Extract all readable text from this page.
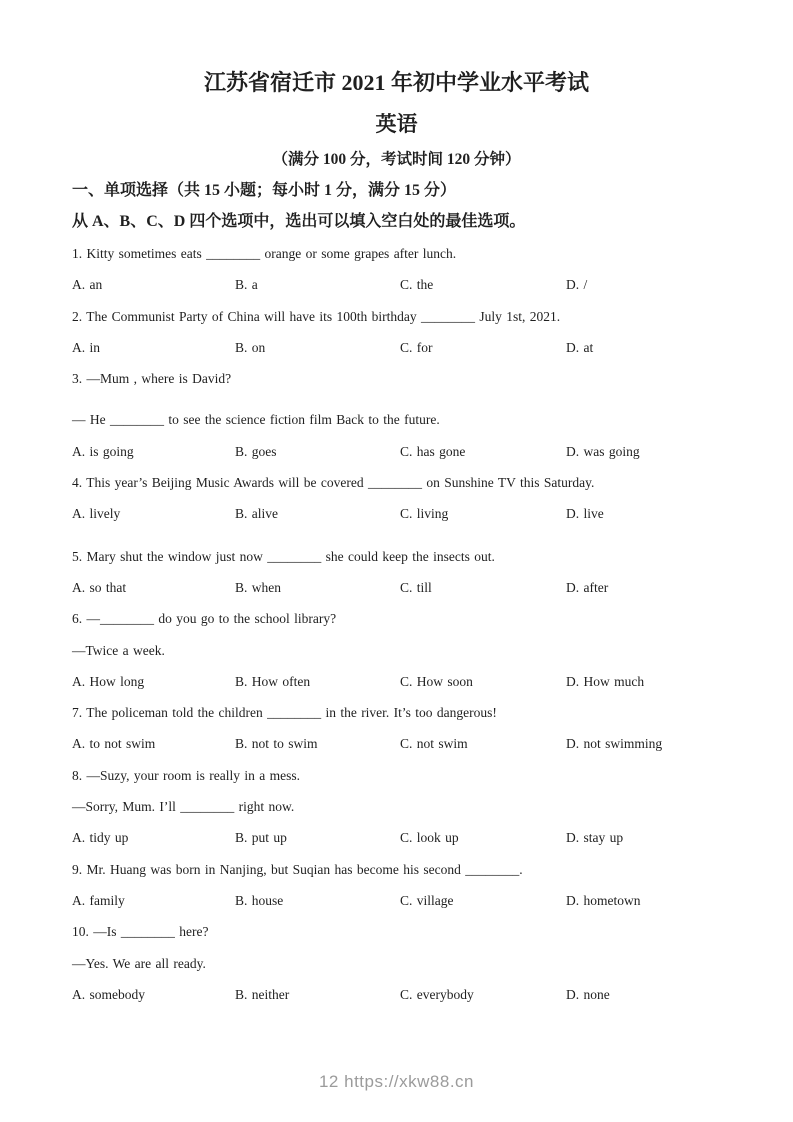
江苏省宿迁市 2021 年初中学业水平考试
英语
（满分 100 分，考试时间 120 分钟）
一、单项选择（共 15 小题；每小时 1 分，满分 15 分）
从 A、B、C、D 四个选项中，选出可以填入空白处的最佳选项。
1. Kitty sometimes eats ________ orange or some grapes after lunch.
A. an	B. a	C. the	D. /
2. The Communist Party of China will have its 100th birthday ________ July 1st, 2021.
A. in	B. on	C. for	D. at
3. —Mum , where is David?
— He ________ to see the science fiction film Back to the future.
A. is going	B. goes	C. has gone	D. was going
4. This year’s Beijing Music Awards will be covered ________ on Sunshine TV this Saturday.
A. lively	B. alive	C. living	D. live
5. Mary shut the window just now ________ she could keep the insects out.
A. so that	B. when	C. till	D. after
6. —________ do you go to the school library?
—Twice a week.
A. How long	B. How often	C. How soon	D. How much
7. The policeman told the children ________ in the river. It’s too dangerous!
A. to not swim	B. not to swim	C. not swim	D. not swimming
8. —Suzy, your room is really in a mess.
—Sorry, Mum. I’ll ________ right now.
A. tidy up	B. put up	C. look up	D. stay up
9. Mr. Huang was born in Nanjing, but Suqian has become his second ________.
A. family	B. house	C. village	D. hometown
10. —Is ________ here?
—Yes. We are all ready.
A. somebody	B. neither	C. everybody	D. none
12 https://xkw88.cn
